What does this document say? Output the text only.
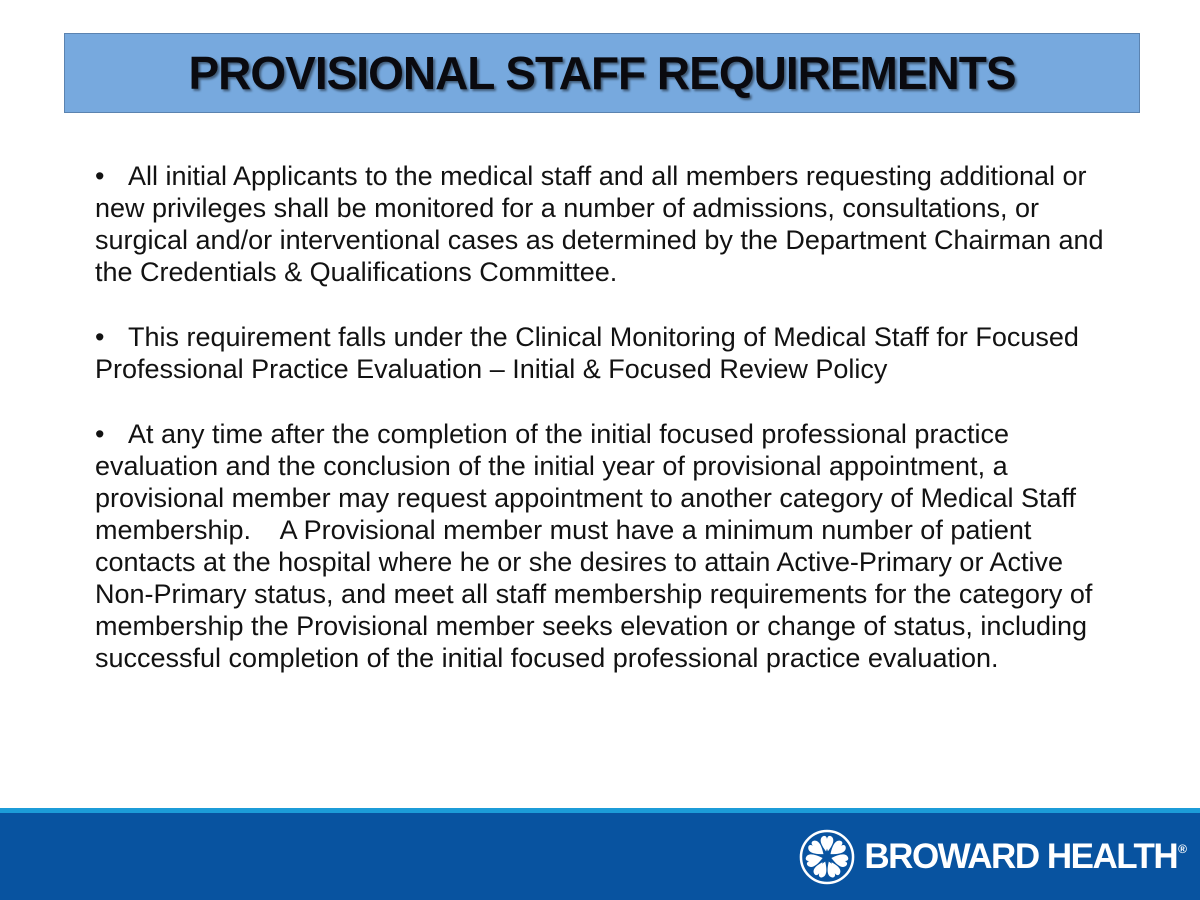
PROVISIONAL STAFF REQUIREMENTS

• All initial Applicants to the medical staff and all members requesting additional or new privileges shall be monitored for a number of admissions, consultations, or surgical and/or interventional cases as determined by the Department Chairman and the Credentials & Qualifications Committee.

• This requirement falls under the Clinical Monitoring of Medical Staff for Focused Professional Practice Evaluation – Initial & Focused Review Policy

• At any time after the completion of the initial focused professional practice evaluation and the conclusion of the initial year of provisional appointment, a provisional member may request appointment to another category of Medical Staff membership.    A Provisional member must have a minimum number of patient contacts at the hospital where he or she desires to attain Active-Primary or Active Non-Primary status, and meet all staff membership requirements for the category of membership the Provisional member seeks elevation or change of status, including successful completion of the initial focused professional practice evaluation.

BROWARD HEALTH®
